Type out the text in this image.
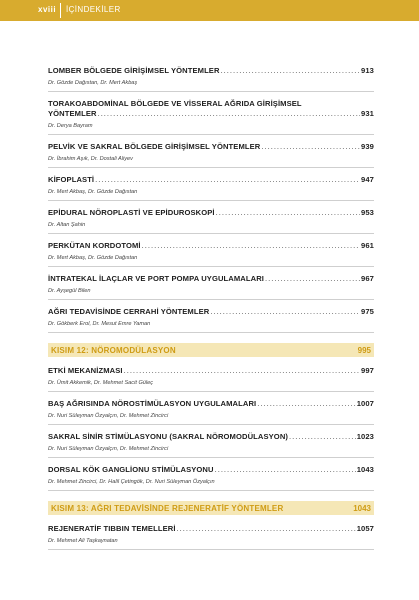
xviii İÇİNDEKİLER
LOMBER BÖLGEDE GİRİŞİMSEL YÖNTEMLER .....	913
Dr. Gözde Dağıstan, Dr. Mert Akbaş
TORAKOABDOMİNAL BÖLGEDE VE VİSSERAL AĞRIDA GİRİŞİMSEL
YÖNTEMLER .....	931
Dr. Derya Bayram
PELVİK VE SAKRAL BÖLGEDE GİRİŞİMSEL YÖNTEMLER .....	939
Dr. İbrahim Aşık, Dr. Dostali Aliyev
KİFOPLASTİ .....	947
Dr. Mert Akbaş, Dr. Gözde Dağıstan
EPİDURAL NÖROPLASTİ VE EPİDUROSKOPİ .....	953
Dr. Altan Şahin
PERKÜTAN KORDOTOMİ .....	961
Dr. Mert Akbaş, Dr. Gözde Dağıstan
İNTRATEKAL İLAÇLAR VE PORT POMPA UYGULAMALARI .....	967
Dr. Ayşegül Bilen
AĞRI TEDAVİSİNDE CERRAHİ YÖNTEMLER .....	975
Dr. Gökberk Erol, Dr. Mesut Emre Yaman
KISIM 12: NÖROMODÜLASYON	995
ETKİ MEKANİZMASI .....	997
Dr. Ümit Akkemik, Dr. Mehmet Sacit Güleç
BAŞ AĞRISINDA NÖROSTİMÜLASYON UYGULAMALARI .....	1007
Dr. Nuri Süleyman Özyalçın, Dr. Mehmet Zincirci
SAKRAL SİNİR STİMÜLASYONU (SAKRAL NÖROMODÜLASYON) .....	1023
Dr. Nuri Süleyman Özyalçın, Dr. Mehmet Zincirci
DORSAL KÖK GANGLİONU STİMÜLASYONU .....	1043
Dr. Mehmet Zincirci, Dr. Halil Çetingök, Dr. Nuri Süleyman Özyalçın
KISIM 13: AĞRI TEDAVİSİNDE REJENERATİF YÖNTEMLER	1043
REJENERATİF TIBBIN TEMELLERİ .....	1057
Dr. Mehmet Ali Taşkaynatan
